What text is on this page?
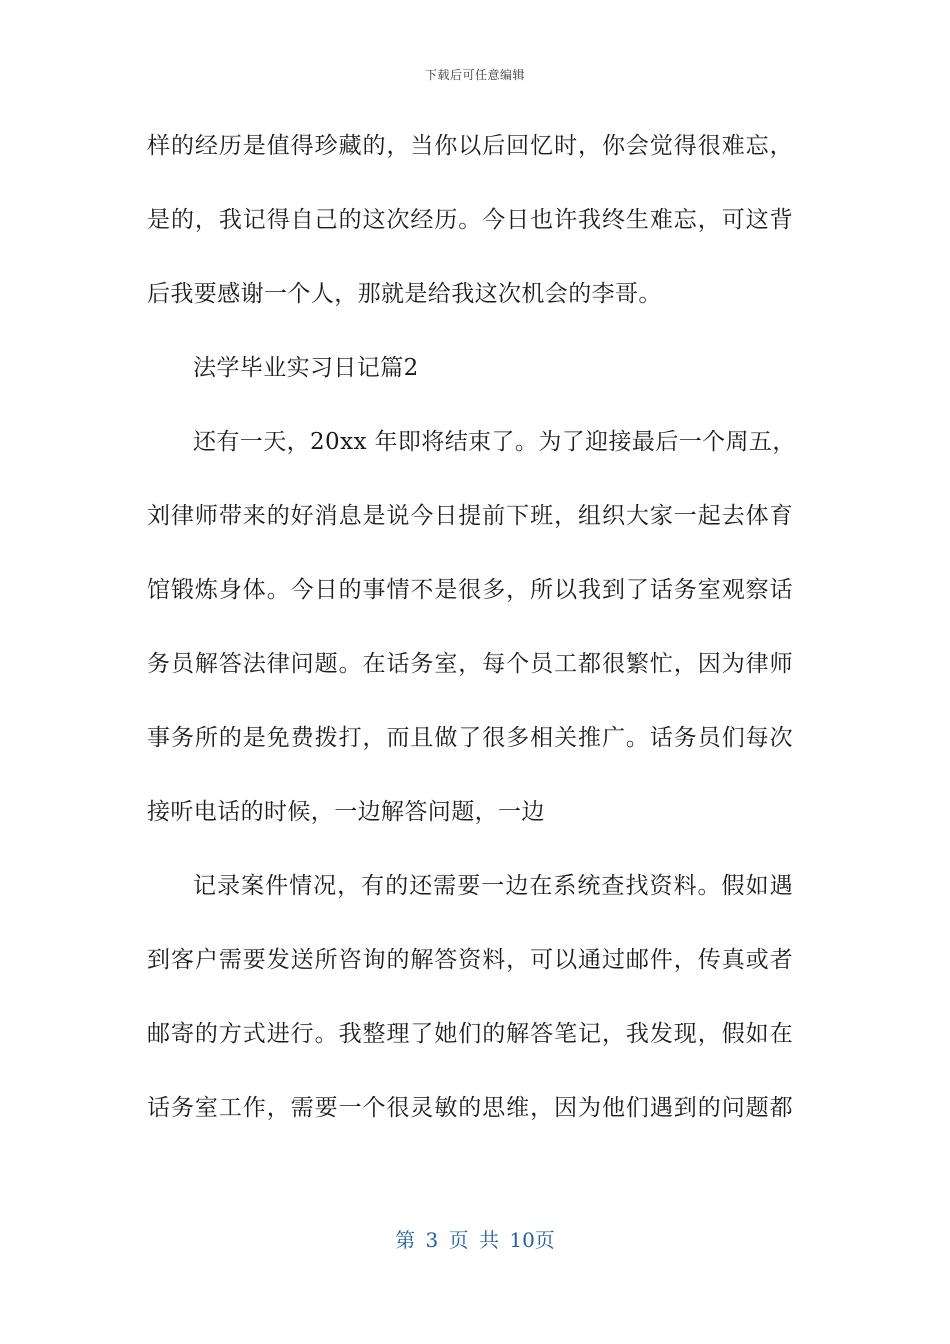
下载后可任意编辑
样的经历是值得珍藏的，当你以后回忆时，你会觉得很难忘，
是的，我记得自己的这次经历。今日也许我终生难忘，可这背
后我要感谢一个人，那就是给我这次机会的李哥。
法学毕业实习日记篇2
还有一天，20xx 年即将结束了。为了迎接最后一个周五，
刘律师带来的好消息是说今日提前下班，组织大家一起去体育
馆锻炼身体。今日的事情不是很多，所以我到了话务室观察话
务员解答法律问题。在话务室，每个员工都很繁忙，因为律师
事务所的是免费拨打，而且做了很多相关推广。话务员们每次
接听电话的时候，一边解答问题，一边
记录案件情况，有的还需要一边在系统查找资料。假如遇
到客户需要发送所咨询的解答资料，可以通过邮件，传真或者
邮寄的方式进行。我整理了她们的解答笔记，我发现，假如在
话务室工作，需要一个很灵敏的思维，因为他们遇到的问题都
第 3 页 共 10页
